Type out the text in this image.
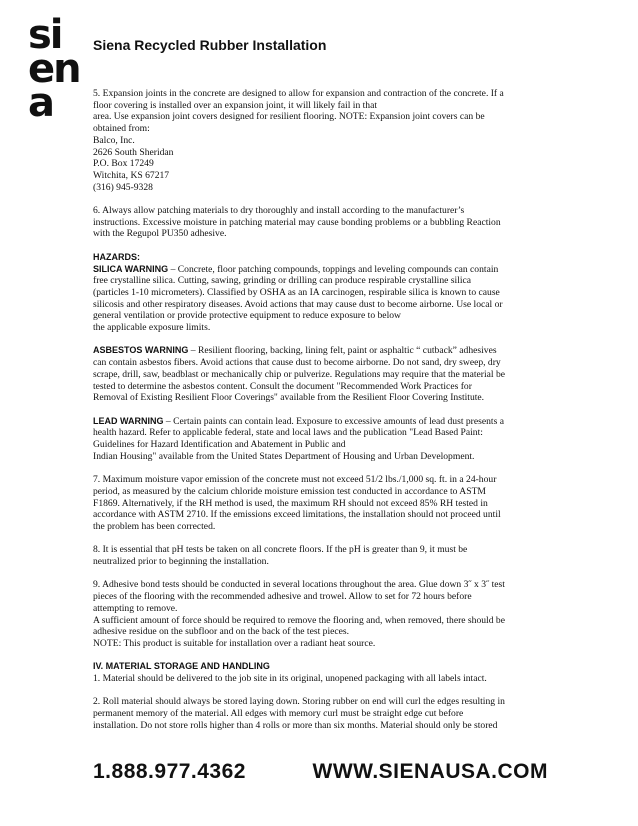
si
en
a
Siena Recycled Rubber Installation

5. Expansion joints in the concrete are designed to allow for expansion and contraction of the concrete. If a
floor covering is installed over an expansion joint, it will likely fail in that
area. Use expansion joint covers designed for resilient flooring. NOTE: Expansion joint covers can be
obtained from:
Balco, Inc.
2626 South Sheridan
P.O. Box 17249
Witchita, KS 67217
(316) 945-9328

6. Always allow patching materials to dry thoroughly and install according to the manufacturer’s
instructions. Excessive moisture in patching material may cause bonding problems or a bubbling Reaction
with the Regupol PU350 adhesive.

HAZARDS:
SILICA WARNING – Concrete, floor patching compounds, toppings and leveling compounds can contain
free crystalline silica. Cutting, sawing, grinding or drilling can produce respirable crystalline silica
(particles 1-10 micrometers). Classified by OSHA as an IA carcinogen, respirable silica is known to cause
silicosis and other respiratory diseases. Avoid actions that may cause dust to become airborne. Use local or
general ventilation or provide protective equipment to reduce exposure to below
the applicable exposure limits.

ASBESTOS WARNING – Resilient flooring, backing, lining felt, paint or asphaltic “ cutback” adhesives
can contain asbestos fibers. Avoid actions that cause dust to become airborne. Do not sand, dry sweep, dry
scrape, drill, saw, beadblast or mechanically chip or pulverize. Regulations may require that the material be
tested to determine the asbestos content. Consult the document "Recommended Work Practices for
Removal of Existing Resilient Floor Coverings" available from the Resilient Floor Covering Institute.

LEAD WARNING – Certain paints can contain lead. Exposure to excessive amounts of lead dust presents a
health hazard. Refer to applicable federal, state and local laws and the publication "Lead Based Paint:
Guidelines for Hazard Identification and Abatement in Public and
Indian Housing" available from the United States Department of Housing and Urban Development.

7. Maximum moisture vapor emission of the concrete must not exceed 51/2 lbs./1,000 sq. ft. in a 24-hour
period, as measured by the calcium chloride moisture emission test conducted in accordance to ASTM
F1869. Alternatively, if the RH method is used, the maximum RH should not exceed 85% RH tested in
accordance with ASTM 2710. If the emissions exceed limitations, the installation should not proceed until
the problem has been corrected.

8. It is essential that pH tests be taken on all concrete floors. If the pH is greater than 9, it must be
neutralized prior to beginning the installation.

9. Adhesive bond tests should be conducted in several locations throughout the area. Glue down 3˝ x 3˝ test
pieces of the flooring with the recommended adhesive and trowel. Allow to set for 72 hours before
attempting to remove.
A sufficient amount of force should be required to remove the flooring and, when removed, there should be
adhesive residue on the subfloor and on the back of the test pieces.
NOTE: This product is suitable for installation over a radiant heat source.

IV. MATERIAL STORAGE AND HANDLING
1. Material should be delivered to the job site in its original, unopened packaging with all labels intact.

2. Roll material should always be stored laying down. Storing rubber on end will curl the edges resulting in
permanent memory of the material. All edges with memory curl must be straight edge cut before
installation. Do not store rolls higher than 4 rolls or more than six months. Material should only be stored

1.888.977.4362	WWW.SIENAUSA.COM
